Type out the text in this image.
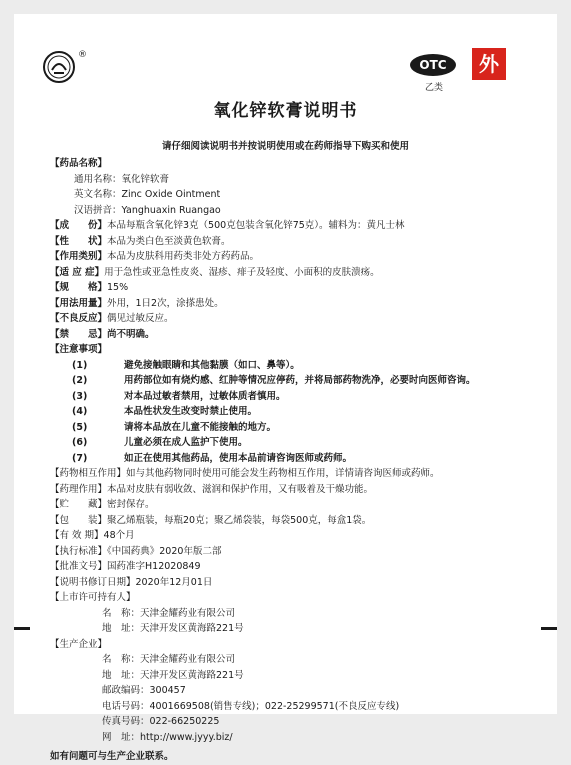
®
OTC
乙类
外
氧化锌软膏说明书
请仔细阅读说明书并按说明使用或在药师指导下购买和使用
【药品名称】
通用名称：氧化锌软膏
英文名称：Zinc Oxide Ointment
汉语拼音：Yanghuaxin Ruangao
【成　　份】本品每瓶含氧化锌3克（500克包装含氧化锌75克）。辅料为：黄凡士林
【性　　状】本品为类白色至淡黄色软膏。
【作用类别】本品为皮肤科用药类非处方药药品。
【适 应 症】用于急性或亚急性皮炎、湿疹、痱子及轻度、小面积的皮肤溃疡。
【规　　格】15%
【用法用量】外用，1日2次，涂搽患处。
【不良反应】偶见过敏反应。
【禁　　忌】尚不明确。
【注意事项】
(1)	避免接触眼睛和其他黏膜（如口、鼻等）。
(2)	用药部位如有烧灼感、红肿等情况应停药，并将局部药物洗净，必要时向医师咨询。
(3)	对本品过敏者禁用，过敏体质者慎用。
(4)	本品性状发生改变时禁止使用。
(5)	请将本品放在儿童不能接触的地方。
(6)	儿童必须在成人监护下使用。
(7)	如正在使用其他药品，使用本品前请咨询医师或药师。
【药物相互作用】如与其他药物同时使用可能会发生药物相互作用，详情请咨询医师或药师。
【药理作用】本品对皮肤有弱收敛、滋润和保护作用，又有吸着及干燥功能。
【贮　　藏】密封保存。
【包　　装】聚乙烯瓶装，每瓶20克；聚乙烯袋装，每袋500克，每盒1袋。
【有 效 期】48个月
【执行标准】《中国药典》2020年版二部
【批准文号】国药准字H12020849
【说明书修订日期】2020年12月01日
【上市许可持有人】
名　称：天津金耀药业有限公司
地　址：天津开发区黄海路221号
【生产企业】
名　称：天津金耀药业有限公司
地　址：天津开发区黄海路221号
邮政编码：300457
电话号码：4001669508(销售专线)；022-25299571(不良反应专线)
传真号码：022-66250225
网　址：http://www.jyyy.biz/
如有问题可与生产企业联系。
